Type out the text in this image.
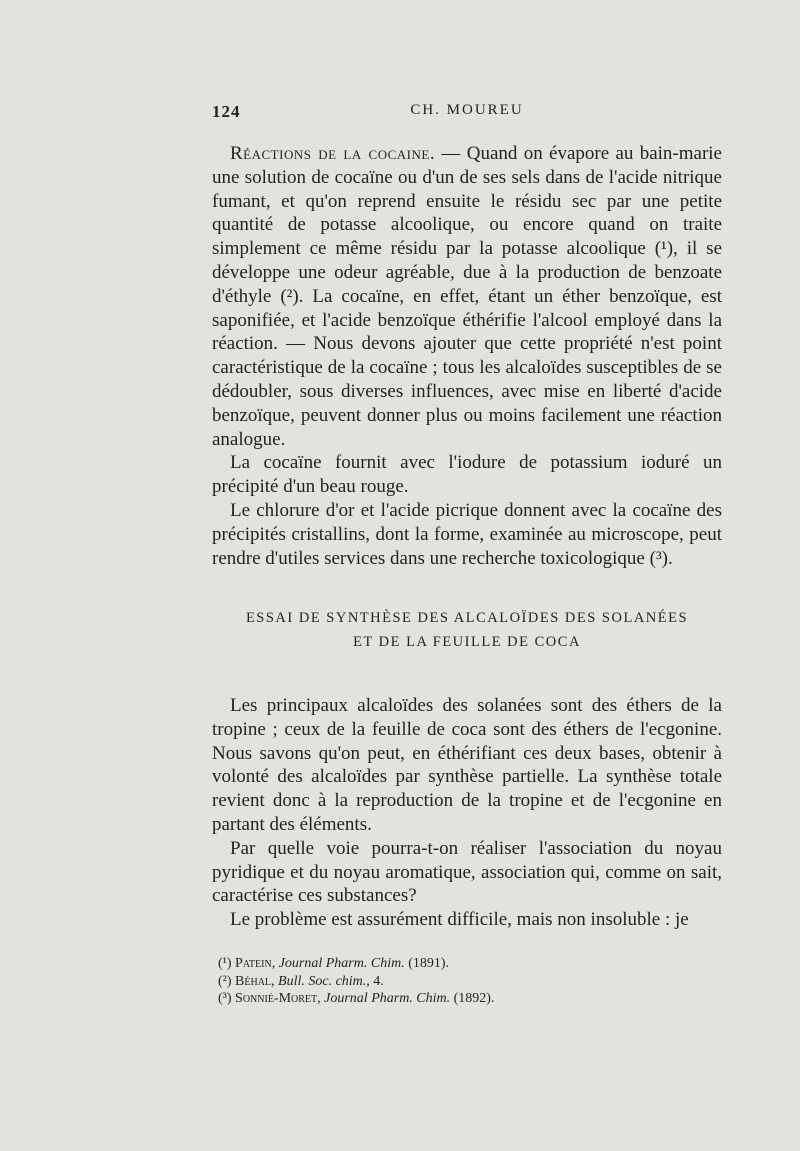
124	CH. MOUREU

Réactions de la cocaine. — Quand on évapore au bain-marie une solution de cocaïne ou d'un de ses sels dans de l'acide nitrique fumant, et qu'on reprend ensuite le résidu sec par une petite quantité de potasse alcoolique, ou encore quand on traite simplement ce même résidu par la potasse alcoolique (¹), il se développe une odeur agréable, due à la production de benzoate d'éthyle (²). La cocaïne, en effet, étant un éther benzoïque, est saponifiée, et l'acide benzoïque éthérifie l'alcool employé dans la réaction. — Nous devons ajouter que cette propriété n'est point caractéristique de la cocaïne ; tous les alcaloïdes susceptibles de se dédoubler, sous diverses influences, avec mise en liberté d'acide benzoïque, peuvent donner plus ou moins facilement une réaction analogue.

La cocaïne fournit avec l'iodure de potassium ioduré un précipité d'un beau rouge.

Le chlorure d'or et l'acide picrique donnent avec la cocaïne des précipités cristallins, dont la forme, examinée au microscope, peut rendre d'utiles services dans une recherche toxicologique (³).

ESSAI DE SYNTHÈSE DES ALCALOÏDES DES SOLANÉES
ET DE LA FEUILLE DE COCA

Les principaux alcaloïdes des solanées sont des éthers de la tropine ; ceux de la feuille de coca sont des éthers de l'ecgonine. Nous savons qu'on peut, en éthérifiant ces deux bases, obtenir à volonté des alcaloïdes par synthèse partielle. La synthèse totale revient donc à la reproduction de la tropine et de l'ecgonine en partant des éléments.

Par quelle voie pourra-t-on réaliser l'association du noyau pyridique et du noyau aromatique, association qui, comme on sait, caractérise ces substances?

Le problème est assurément difficile, mais non insoluble : je

(¹) Patein, Journal Pharm. Chim. (1891).

(²) Béhal, Bull. Soc. chim., 4.

(³) Sonnié-Moret, Journal Pharm. Chim. (1892).
